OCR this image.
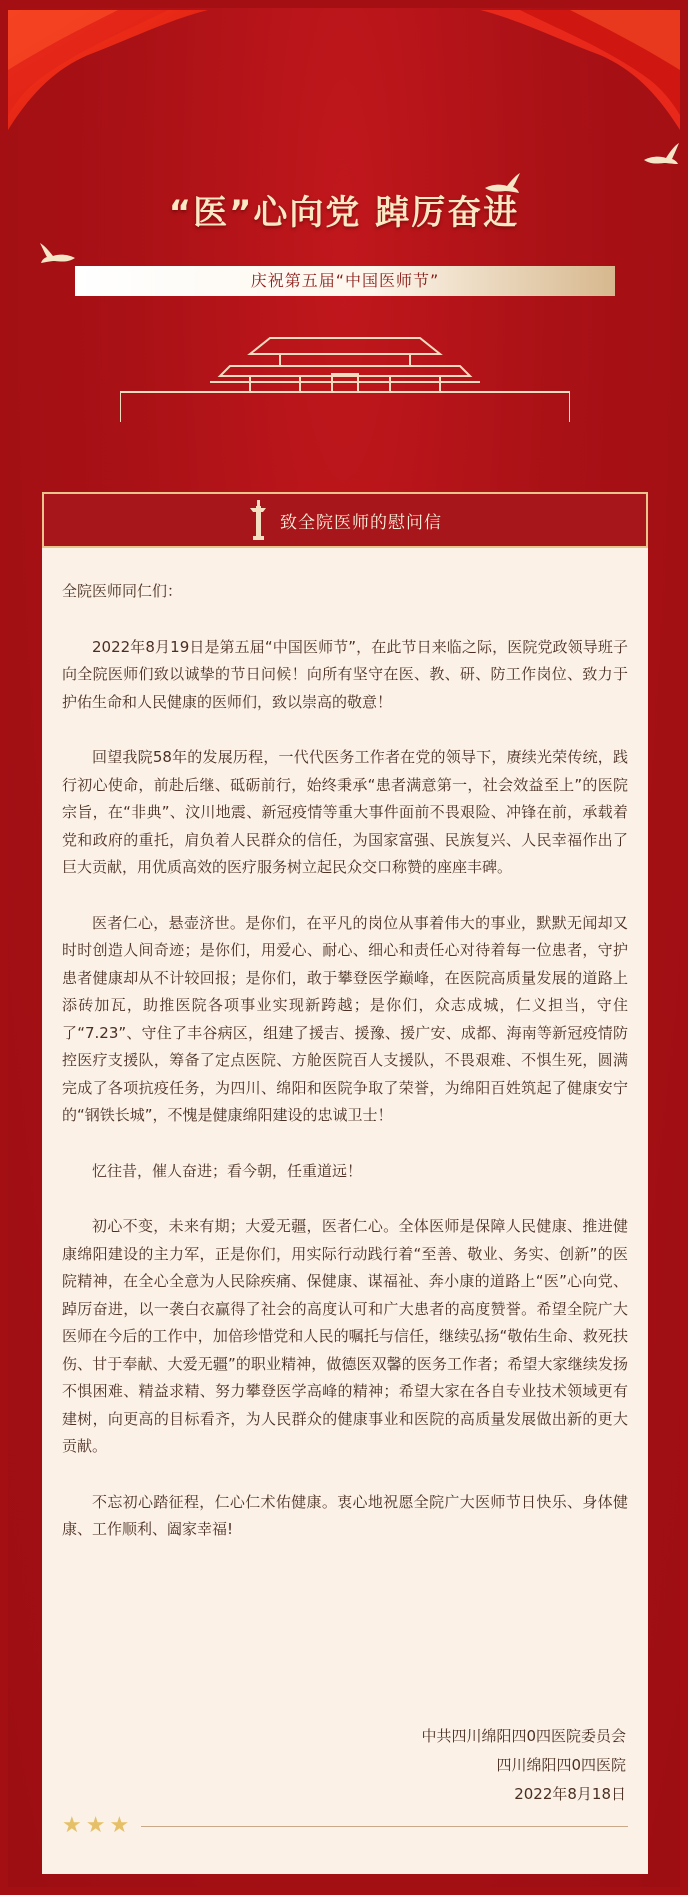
“医”心向党 踔厉奋进
庆祝第五届“中国医师节”
致全院医师的慰问信

全院医师同仁们：

2022年8月19日是第五届“中国医师节”，在此节日来临之际，医院党政领导班子向全院医师们致以诚挚的节日问候！向所有坚守在医、教、研、防工作岗位、致力于护佑生命和人民健康的医师们，致以崇高的敬意！

回望我院58年的发展历程，一代代医务工作者在党的领导下，赓续光荣传统，践行初心使命，前赴后继、砥砺前行，始终秉承“患者满意第一，社会效益至上”的医院宗旨，在“非典”、汶川地震、新冠疫情等重大事件面前不畏艰险、冲锋在前，承载着党和政府的重托，肩负着人民群众的信任，为国家富强、民族复兴、人民幸福作出了巨大贡献，用优质高效的医疗服务树立起民众交口称赞的座座丰碑。

医者仁心，悬壶济世。是你们，在平凡的岗位从事着伟大的事业，默默无闻却又时时创造人间奇迹；是你们，用爱心、耐心、细心和责任心对待着每一位患者，守护患者健康却从不计较回报；是你们，敢于攀登医学巅峰，在医院高质量发展的道路上添砖加瓦，助推医院各项事业实现新跨越；是你们，众志成城，仁义担当，守住了“7.23”、守住了丰谷病区，组建了援吉、援豫、援广安、成都、海南等新冠疫情防控医疗支援队，筹备了定点医院、方舱医院百人支援队，不畏艰难、不惧生死，圆满完成了各项抗疫任务，为四川、绵阳和医院争取了荣誉，为绵阳百姓筑起了健康安宁的“钢铁长城”，不愧是健康绵阳建设的忠诚卫士！

忆往昔，催人奋进；看今朝，任重道远！

初心不变，未来有期；大爱无疆，医者仁心。全体医师是保障人民健康、推进健康绵阳建设的主力军，正是你们，用实际行动践行着“至善、敬业、务实、创新”的医院精神，在全心全意为人民除疾痛、保健康、谋福祉、奔小康的道路上“医”心向党、踔厉奋进，以一袭白衣赢得了社会的高度认可和广大患者的高度赞誉。希望全院广大医师在今后的工作中，加倍珍惜党和人民的嘱托与信任，继续弘扬“敬佑生命、救死扶伤、甘于奉献、大爱无疆”的职业精神，做德医双馨的医务工作者；希望大家继续发扬不惧困难、精益求精、努力攀登医学高峰的精神；希望大家在各自专业技术领域更有建树，向更高的目标看齐，为人民群众的健康事业和医院的高质量发展做出新的更大贡献。

不忘初心踏征程，仁心仁术佑健康。衷心地祝愿全院广大医师节日快乐、身体健康、工作顺利、阖家幸福!

中共四川绵阳四0四医院委员会
四川绵阳四0四医院
2022年8月18日
★ ★ ★
